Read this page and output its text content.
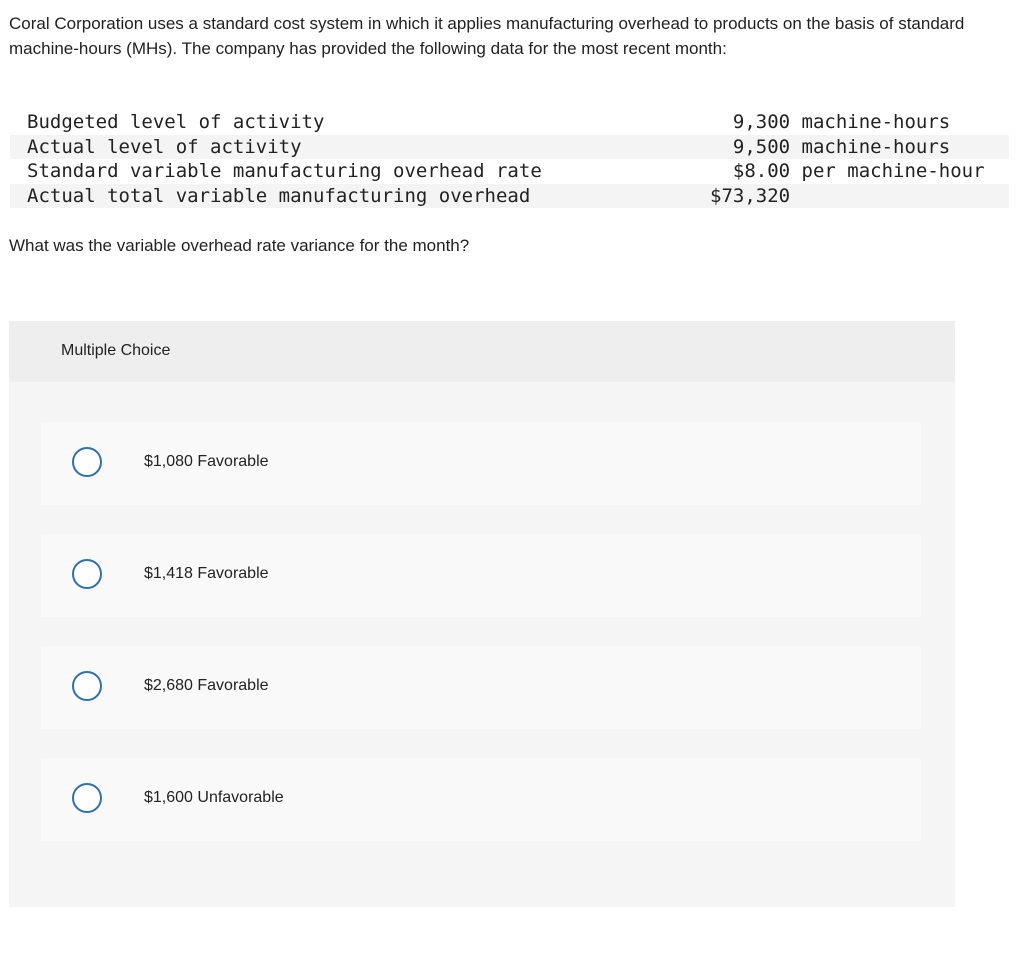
Coral Corporation uses a standard cost system in which it applies manufacturing overhead to products on the basis of standard machine-hours (MHs). The company has provided the following data for the most recent month:

Budgeted level of activity	9,300 machine-hours
Actual level of activity	9,500 machine-hours
Standard variable manufacturing overhead rate	$8.00 per machine-hour
Actual total variable manufacturing overhead	$73,320

What was the variable overhead rate variance for the month?

Multiple Choice
$1,080 Favorable
$1,418 Favorable
$2,680 Favorable
$1,600 Unfavorable
